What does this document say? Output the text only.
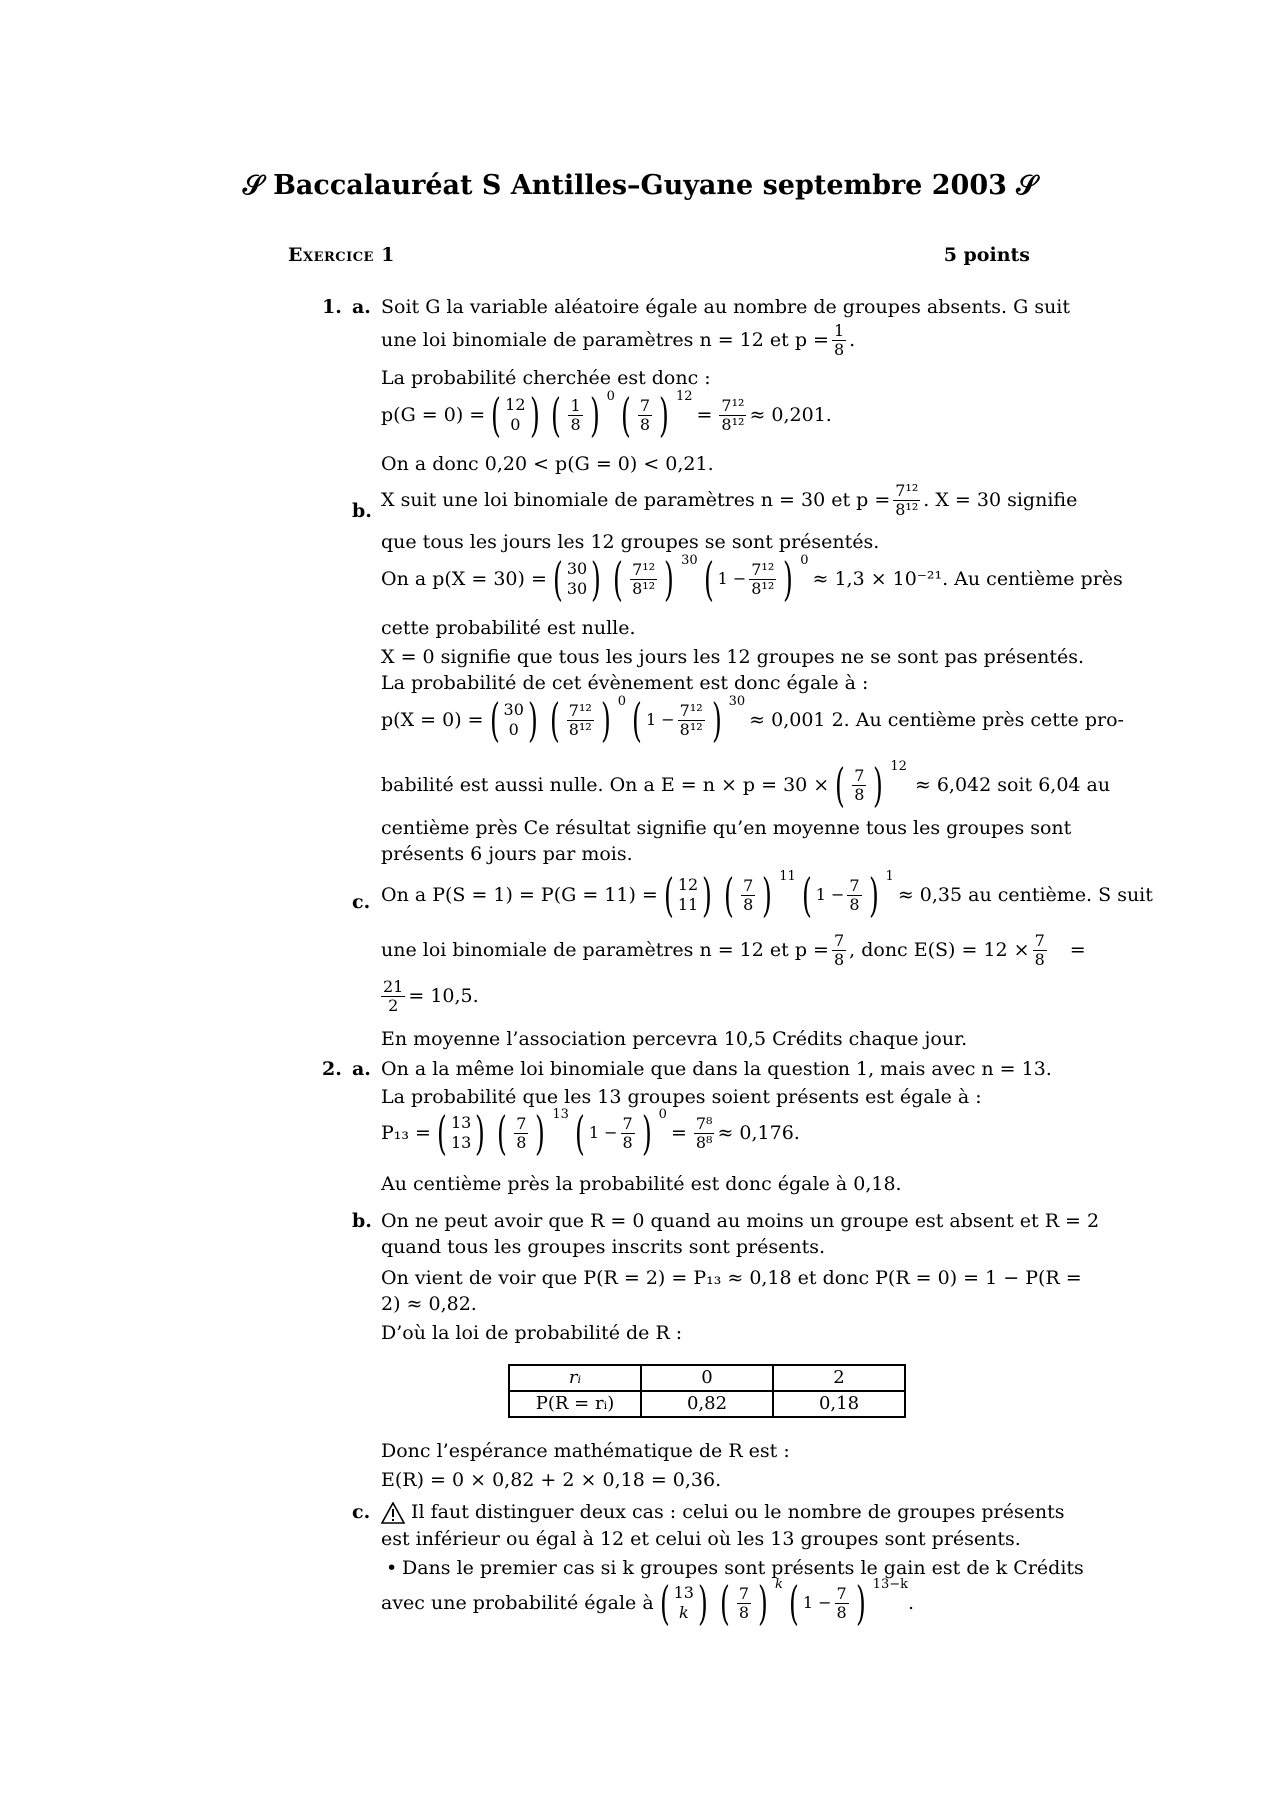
𝒮 Baccalauréat S Antilles–Guyane septembre 2003 𝒮
Exercice 1	5 points
1. a. Soit G la variable aléatoire égale au nombre de groupes absents. G suit
une loi binomiale de paramètres n = 12 et $p = \frac{1}{8}$ .
La probabilité cherchée est donc :
p(G = 0) = ( 12
0 ) ( $\frac{1}{8}$ ) $^0$ ( $\frac{7}{8}$ ) $^{12}$
= $\frac{\text{7¹²}}{\text{8¹²}} \approx 0,201$.
On a donc 0,20 < p(G = 0) < 0,21.
b.
X suit une loi binomiale de paramètres n = 30 et $p = \frac{\text{7¹²}}{\text{8¹²}}$ . X = 30 signifie
que tous les jours les 12 groupes se sont présentés.
On a p(X = 30) = ( 30
30 ) ( $\frac{\text{7¹²}}{\text{8¹²}}$ ) $^{30}$ ( $1 - \frac{\text{7¹²}}{\text{8¹²}}$ ) $^0$
≈ 1,3 × 10⁻²¹. Au centième près
cette probabilité est nulle.
X = 0 signifie que tous les jours les 12 groupes ne se sont pas présentés.
La probabilité de cet évènement est donc égale à :
p(X = 0) = ( 30
0 ) ( $\frac{\text{7¹²}}{\text{8¹²}}$ ) $^0$ ( $1 - \frac{\text{7¹²}}{\text{8¹²}}$ ) $^{30}$
≈ 0,001 2. Au centième près cette pro-
babilité est aussi nulle. On a E = n × p = 30 × ( $\frac{7}{8}$ ) $^{12}$
≈ 6,042 soit 6,04 au
centième près Ce résultat signifie qu’en moyenne tous les groupes sont
présents 6 jours par mois.
c. On a P(S = 1) = P(G = 11) = ( 12
11 ) ( $\frac{7}{8}$ ) $^{11}$ ( $1 - \frac{7}{8}$ ) $^1$
≈ 0,35 au centième. S suit
une loi binomiale de paramètres n = 12 et $p = \frac{7}{8}$ , donc $E(S) = 12 \times \frac{7}{8}$ =
$\frac{21}{2} = 10,5$.
En moyenne l’association percevra 10,5 Crédits chaque jour.
2. a. On a la même loi binomiale que dans la question 1, mais avec n = 13.
La probabilité que les 13 groupes soient présents est égale à :
P₁₃ = ( 13
13 ) ( $\frac{7}{8}$ ) $^{13}$ ( $1 - \frac{7}{8}$ ) $^0$
= $\frac{\text{7⁸}}{\text{8⁸}} \approx 0,176$.
Au centième près la probabilité est donc égale à 0,18.
b. On ne peut avoir que R = 0 quand au moins un groupe est absent et R = 2
quand tous les groupes inscrits sont présents.
On vient de voir que P(R = 2) = P₁₃ ≈ 0,18 et donc P(R = 0) = 1 − P(R =
2) ≈ 0,82.
D’où la loi de probabilité de R :
rᵢ	0	2
P(R = rᵢ)	0,82	0,18
Donc l’espérance mathématique de R est :
E(R) = 0 × 0,82 + 2 × 0,18 = 0,36.
c.	Il faut distinguer deux cas : celui ou le nombre de groupes présents
est inférieur ou égal à 12 et celui où les 13 groupes sont présents.
• Dans le premier cas si k groupes sont présents le gain est de k Crédits
avec une probabilité égale à ( 13
k ) ( $\frac{7}{8}$ ) $^k$ ( $1 - \frac{7}{8}$ ) $^{13-k}$
.
